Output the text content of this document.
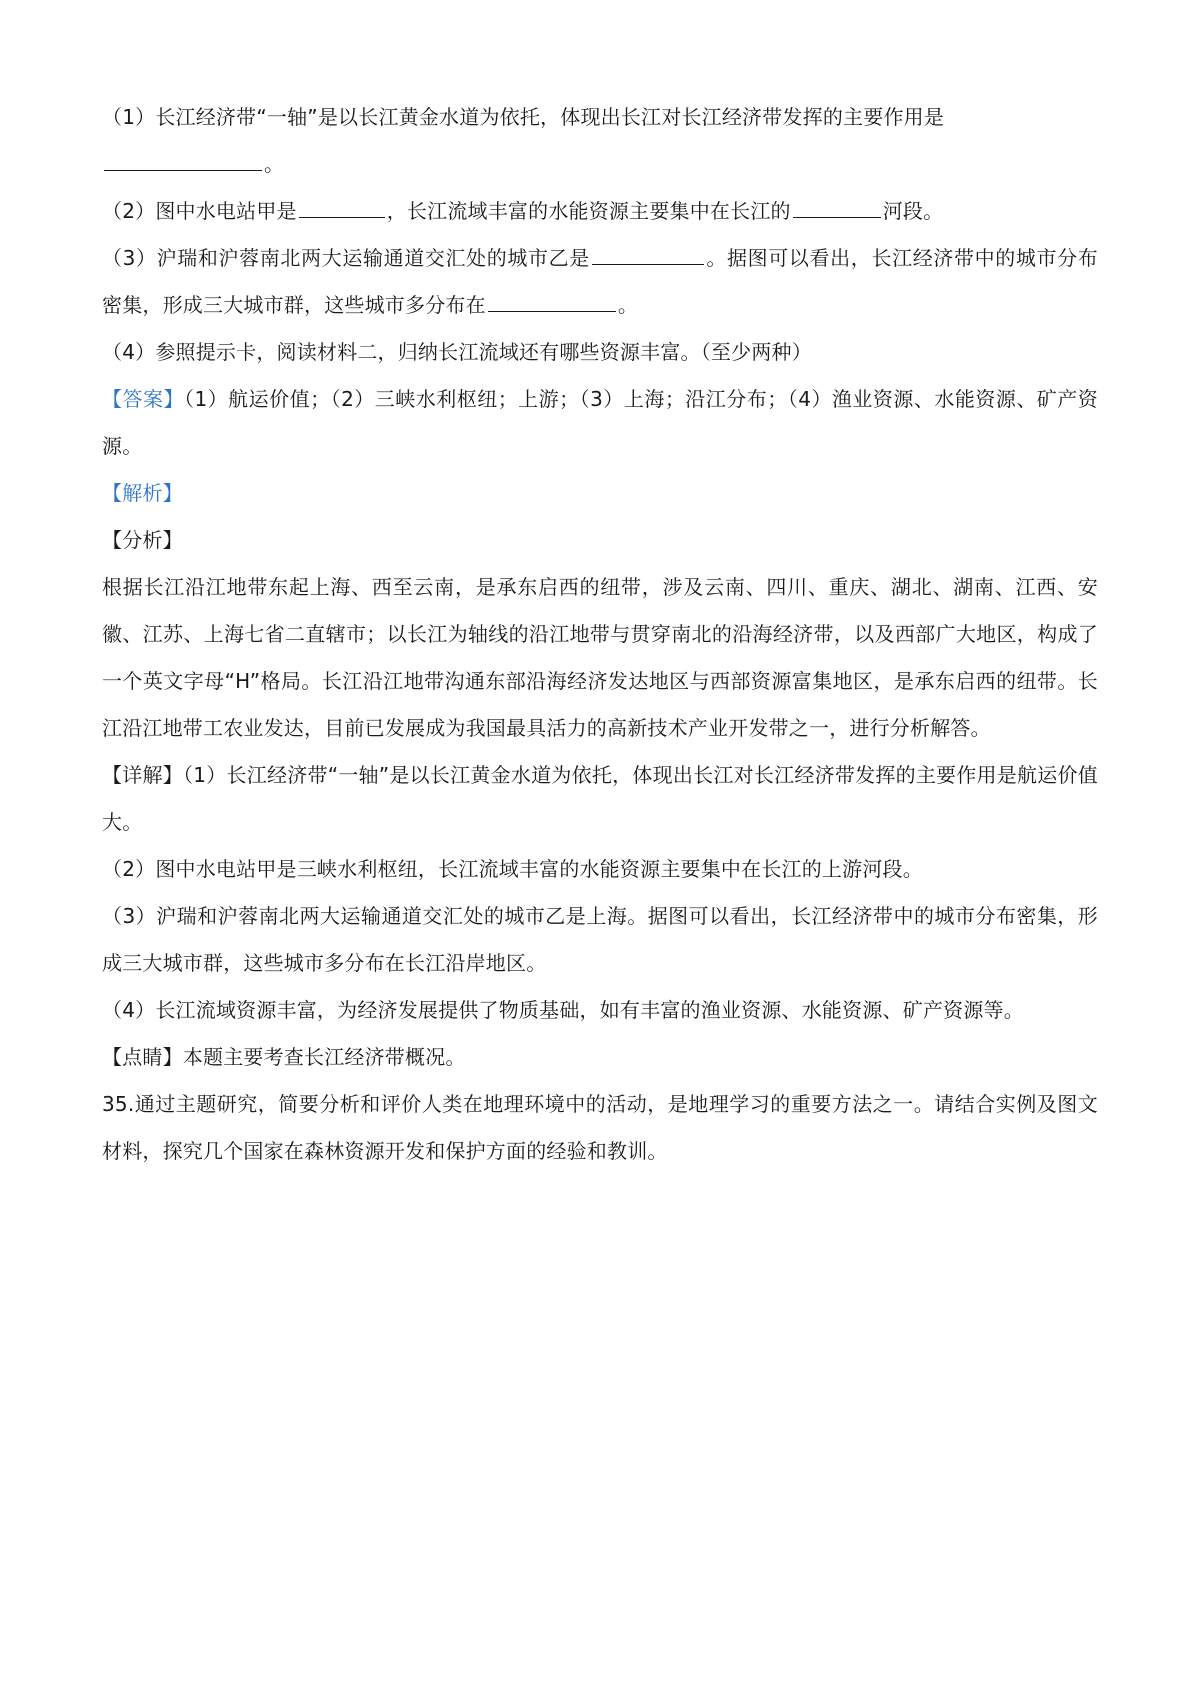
（1）长江经济带“一轴”是以长江黄金水道为依托，体现出长江对长江经济带发挥的主要作用是

。

（2）图中水电站甲是	，长江流域丰富的水能资源主要集中在长江的	河段。

（3）沪瑞和沪蓉南北两大运输通道交汇处的城市乙是	。据图可以看出，长江经济带中的城市分布密集，形成三大城市群，这些城市多分布在	。

（4）参照提示卡，阅读材料二，归纳长江流域还有哪些资源丰富。（至少两种）

【答案】（1）航运价值；（2）三峡水利枢纽；上游；（3）上海；沿江分布；（4）渔业资源、水能资源、矿产资源。

【解析】

【分析】

根据长江沿江地带东起上海、西至云南，是承东启西的纽带，涉及云南、四川、重庆、湖北、湖南、江西、安徽、江苏、上海七省二直辖市；以长江为轴线的沿江地带与贯穿南北的沿海经济带，以及西部广大地区，构成了一个英文字母“H”格局。长江沿江地带沟通东部沿海经济发达地区与西部资源富集地区，是承东启西的纽带。长江沿江地带工农业发达，目前已发展成为我国最具活力的高新技术产业开发带之一，进行分析解答。

【详解】（1）长江经济带“一轴”是以长江黄金水道为依托，体现出长江对长江经济带发挥的主要作用是航运价值大。

（2）图中水电站甲是三峡水利枢纽，长江流域丰富的水能资源主要集中在长江的上游河段。

（3）沪瑞和沪蓉南北两大运输通道交汇处的城市乙是上海。据图可以看出，长江经济带中的城市分布密集，形成三大城市群，这些城市多分布在长江沿岸地区。

（4）长江流域资源丰富，为经济发展提供了物质基础，如有丰富的渔业资源、水能资源、矿产资源等。

【点睛】本题主要考查长江经济带概况。

35.通过主题研究，简要分析和评价人类在地理环境中的活动，是地理学习的重要方法之一。请结合实例及图文材料，探究几个国家在森林资源开发和保护方面的经验和教训。
